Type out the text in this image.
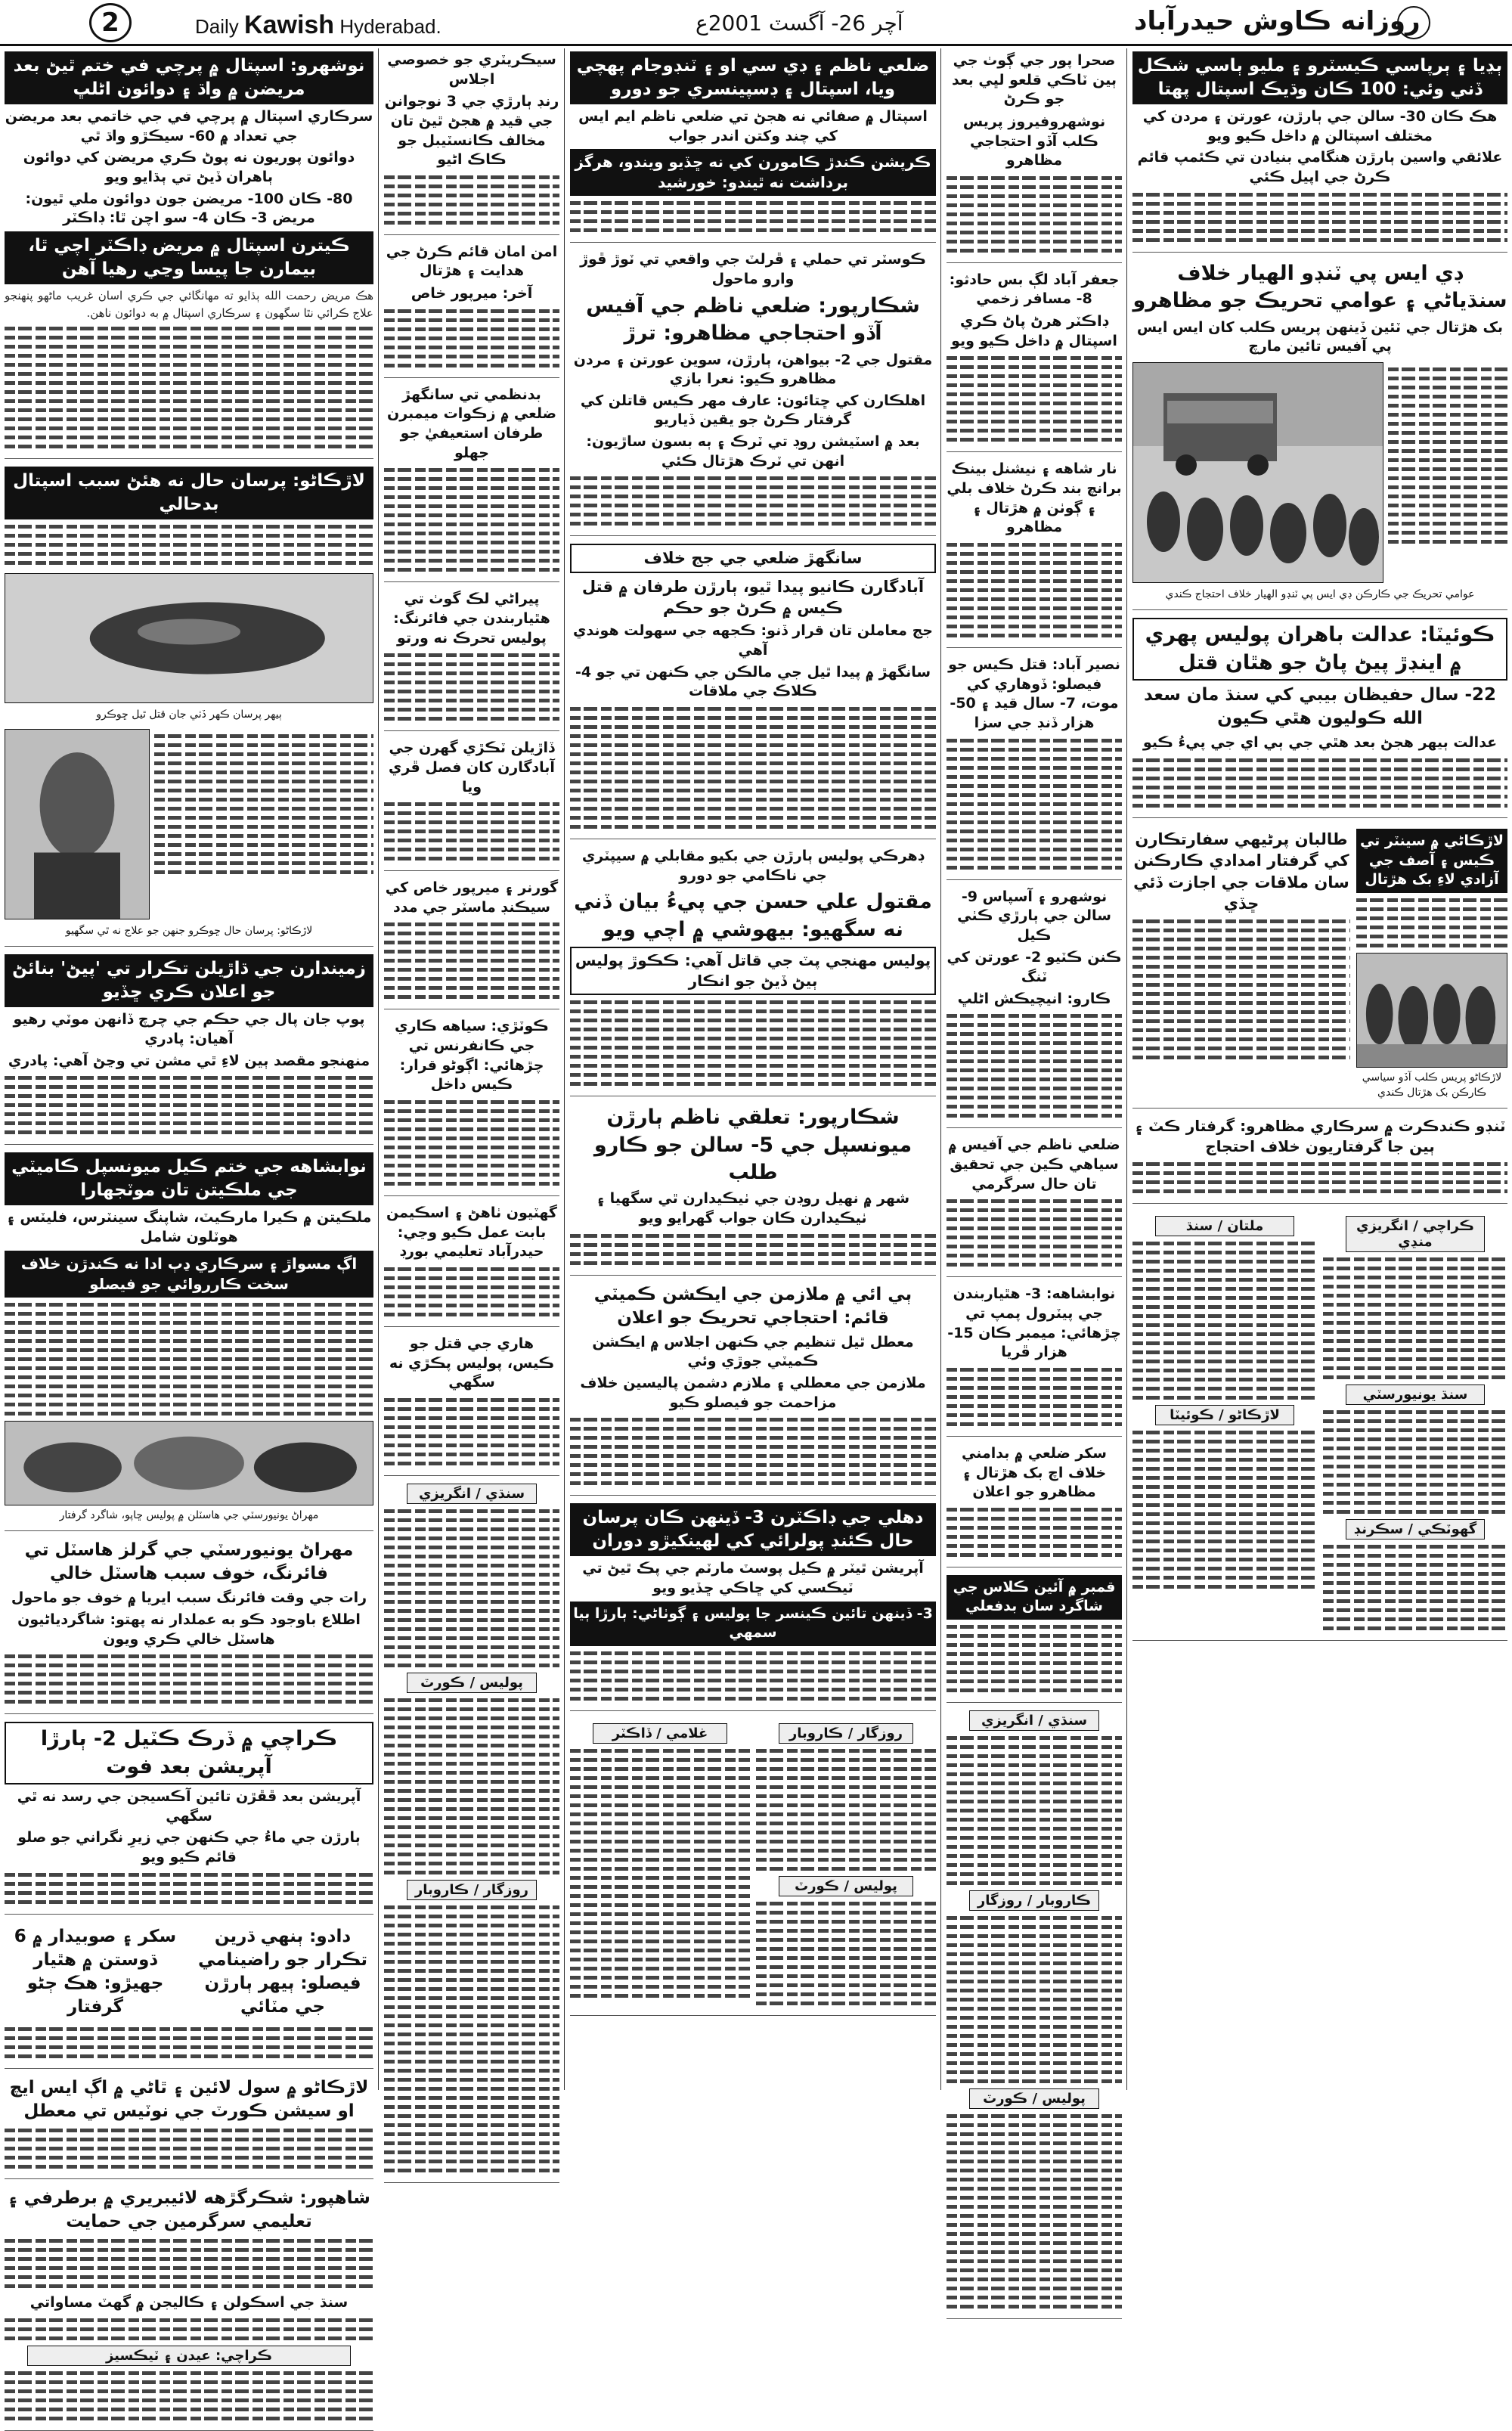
2	Daily Kawish Hyderabad.	آچر 26- آگسٽ 2001ع	روزانه ڪاوش حيدرآباد
نوشهرو: اسپتال ۾ پرچي في ختم ٿيڻ بعد مريضن ۾ واڌ ۽ دوائون اڻلڀ
سرڪاري اسپتال ۾ پرچي في جي خاتمي بعد مريضن جي تعداد ۾ 60- سيڪڙو واڌ ٿي
دوائون پوريون نه پوڻ ڪري مريضن کي دوائون ٻاهران ڏيڻ تي ٻڌايو ويو
80- ڪان 100- مريضن جون دوائون ملي ٿيون: مريض 3- ڪان 4- سو اچن ٿا: ڊاڪٽر
ڪيترن اسپتال ۾ مريض ڊاڪٽر اچي ٿا، بيمارن جا پيسا وڃي رهيا آهن
هڪ مريض رحمت الله ٻڌايو ته مهانگائي جي ڪري اسان غريب ماڻهو پنهنجو علاج ڪرائي نٿا سگهون ۽ سرڪاري اسپتال ۾ به دوائون ناهن.
لاڙڪاڻو: پرسان حال نه هئڻ سبب اسپتال بدحالي
ٻيهر پرسان ڪهر ڏٺي جان قتل ٿيل ڇوڪرو
لاڙڪاڻو: پرسان حال ڇوڪرو جنهن جو علاج نه ٿي سگهيو
زميندارن جي ڌاڙيلن تڪرار تي 'پيڻ' بنائڻ جو اعلان ڪري ڇڏيو
پوپ جان پال جي حڪم جي چرچ ڏانهن موٽي رهيو آهيان: پادري
منهنجو مقصد ٻين لاءِ ٿي مشن تي وڃڻ آهي: پادري
نوابشاهه جي ختم ڪيل ميونسپل ڪاميٽي جي ملڪيتن تان موٽجهارا
ملڪيتن ۾ ڪيرا مارڪيٽ، شاپنگ سينٽرس، فليٽس ۽ هوٽلون شامل
اڳ مسواڙ ۽ سرڪاري ڍٻ ادا نه ڪندڙن خلاف سخت ڪارروائي جو فيصلو
مهراڻ يونيورسٽي جي هاسٽلن ۾ پوليس ڇاپو، شاگرد گرفتار
مهراڻ يونيورسٽي جي گرلز هاسٽل تي فائرنگ، خوف سبب هاسٽل خالي
رات جي وقت فائرنگ سبب ايريا ۾ خوف جو ماحول
اطلاع باوجود ڪو به عملدار نه پهتو: شاگردياڻيون هاسٽل خالي ڪري ويون
ڪراچي ۾ ڏرڪ ڪٽيل 2- ٻارڙا آپريشن بعد فوت
آپريشن بعد ڦڦڙن تائين آڪسيجن جي رسد نه ٿي سگهي
ٻارڙن جي ماءُ جي ڪنهن جي زيرِ نگراني جو صلو قائم ڪيو ويو
دادو: ٻنهي ڌرين تڪرار جو راضينامي فيصلو: ٻيهر ٻارڙن جي مٽائي
سکر ۽ صوبيدار ۾ 6 ڌوستن ۾ هٿيار جهيڙو: هڪ ڄڻو گرفتار
لاڙڪاڻو ۾ سول لائين ۽ ٿاڻي ۾ اڳ ايس ايچ او سيشن ڪورٽ جي نوٽيس تي معطل
شاهپور: شڪرگڙهه لائيبريري ۾ برطرفي ۽ تعليمي سرگرمين جي حمايت
سنڌ جي اسڪولن ۽ ڪاليجن ۾ گهٽ مساواتي
ڪراچي: عيدن ۽ ٽيڪسيز
سيڪريٽري جو خصوصي اجلاس
رنڊ ٻارڙي جي 3 نوجوانن جي قيد ۾ هجڻ ٿيڻ تان مخالف ڪانسٽيبل جو ڪاڪ اڻيو
امن امان قائم ڪرڻ جي هدايت ۽ هڙتال
آخر: ميرپور خاص
بدنظمي تي سانگهڙ ضلعي ۾ زڪوات ميمبرن طرفان استعيفيٰ جو جهلو
پيراڻي لڪ گوٺ تي هٿياربندن جي فائرنگ: پوليس تحرڪ نه ورتو
ڏاڙيلن ٽڪڙي گهرن جي آبادگارن کان فصل ڦري ويا
گورنر ۽ ميرپور خاص کي سيڪنڊ ماسٽر جي مدد
ڪوٽڙي: سياهه ڪاري جي ڪانفرنس تي چڙهائي: اڳوڻو قرار: ڪيس داخل
گهٽيون ٺاهڻ ۽ اسڪيمن بابت عمل ڪيو وڃي: حيدرآباد تعليمي بورڊ
هاري جي قتل جو ڪيس، پوليس پڪڙي نه سگهي
سنڌي / انگريزي
پوليس / ڪورٽ
روزگار / ڪاروبار
ضلعي ناظم ۽ ڊي سي او ۽ ٽنڊوجام پهچي ويا، اسپتال ۽ ڊسپينسري جو دورو
اسپتال ۾ صفائي نه هجڻ تي ضلعي ناظم ايم ايس کي چند وکتن اندر جواب
ڪرپشن ڪندڙ ڪامورن کي نه ڇڏيو ويندو، هرگز برداشت نه ٿيندو: خورشيد
ڪوسٽر تي حملي ۽ ڦرلٽ جي واقعي تي ٽوڙ ڦوڙ وارو ماحول
شڪارپور: ضلعي ناظم جي آفيس آڏو احتجاجي مظاهرو: ترڙ
مقتول جي 2- بيواهن، ٻارڙن، سوين عورتن ۽ مردن مظاهرو ڪيو: نعرا بازي
اهلڪارن کي ڇتائون: عارف مهر ڪيس قاتلن کي گرفتار ڪرڻ جو يقين ڏياريو
بعد ۾ اسٽيشن روڊ تي ٽرڪ ۽ ٻه بسون ساڙيون: انهن تي ٽرڪ هڙتال ڪئي
سانگهڙ ضلعي جي جج خلاف
آبادگارن ڪانيو پيدا ٿيو، ٻارڙن طرفان ۾ قتل ڪيس ۾ ڪرڻ جو حڪم
جج معاملن تان قرار ڏنو: ڪجهه جي سهولت هوندي آهي
سانگهڙ ۾ پيدا ٿيل جي مالڪن جي ڪنهن تي جو 4- ڪلاڪ جي ملاقات
ڊهرڪي پوليس ٻارڙن جي بکيو مقابلي ۾ سيپٽري جي ناڪامي جو دورو
مقتول علي حسن جي پيءُ بيان ڏني نه سگهيو: بيهوشي ۾ اچي ويو
پوليس مهنجي پٽ جي قاتل آهي: ڪڪوڙ پوليس ٻيڻ ڏيڻ جو انڪار
شڪارپور: تعلقي ناظم ٻارڙن ميونسپل جي 5- سالن جو ڪارو طلب
شهر ۾ نهيل روڊن جي ٺيڪيدارن ٿي سگهيا ۽ ٺيڪيدارن ڪان جواب گهرايو ويو
ٻي ائي ۾ ملازمن جي ايڪشن ڪميٽي قائم: احتجاجي تحريڪ جو اعلان
معطل ٿيل تنظيم جي ڪنهن اجلاس ۾ ايڪشن ڪميٽي جوڙي وئي
ملازمن جي معطلي ۽ ملازم دشمن پاليسين خلاف مزاحمت جو فيصلو ڪيو
دهلي جي ڊاڪٽرن 3- ڏينهن ڪان پرسان حال ڪئنڊ پولرائي کي لهينکيڙو دوران
آپريشن ٿيٽر ۾ ڪيل پوسٽ مارٽم جي پڪ ٿيڻ تي ٽيڪسي کي ڇاڪي ڇڏيو ويو
3- ڏينهن تائين ڪينسر جا پوليس ۽ ڳوٺاڻي: ٻارڙا ٻيا سمهي
غلامي / ڏاڪٽر	روزگار / ڪاروبار
پوليس / ڪورٽ
صحرا پور جي ڳوٺ جي ٻين ٽاڪي قلعو لڀي بعد جو ڪرڻ
نوشهروفيروز پريس ڪلب آڏو احتجاجي مظاهرو
جعفر آباد لڳ بس حادثو: 8- مسافر زخمي
ڊاڪٽر هرڻ پاڻ ڪري اسپتال ۾ داخل ڪيو ويو
نار شاهه ۽ نيشنل بينڪ برانچ بند ڪرڻ خلاف بلي ۽ ڳوٺن ۾ هڙتال ۽ مظاهرو
نصير آباد: قتل ڪيس جو فيصلو: ڏوهاري کي موت، 7- سال قيد ۽ 50- هزار ڏنڊ جي سزا
نوشهرو ۽ آسپاس 9- سالن جي ٻارڙي ڪٺي ڪيل
ڪنن ڪٽيو 2- عورتن کي ٽنگ
ڪارو: انيچيڪش اڻلڀ
ضلعي ناظم جي آفيس ۾ سياهي ڪين جي تحقيق تان حال سرگرمي
نوابشاهه: 3- هٿياربندن جي پيٽرول پمپ تي چڙهائي: ميمبر ڪان 15- هزار ڦريا
سکر ضلعي ۾ بدامني خلاف اچ بک هڙتال ۽ مظاهرو جو اعلان
قمبر ۾ آئين ڪلاس جي شاگرد سان بدفعلي
سنڌي / انگريزي
ڪاروبار / روزگار
پوليس / ڪورٽ
ٻڍيا ۽ ٻرپاسي ڪيسٽرو ۽ مليو ٻاسي شڪل ڏني وئي: 100 ڪان وڌيڪ اسپتال پهتا
هڪ ڪان 30- سالن جي ٻارڙن، عورتن ۽ مردن کي مختلف اسپتالن ۾ داخل ڪيو ويو
علائقي واسين ٻارڙن هنگامي بنيادن تي ڪئمپ قائم ڪرڻ جي اپيل ڪئي
ڊي ايس پي ٽنڊو الهيار خلاف سنڌياڻي ۽ عوامي تحريڪ جو مظاهرو
بک هڙتال جي ٽئين ڏينهن پريس ڪلب کان ايس ايس پي آفيس تائين مارچ
عوامي تحريڪ جي ڪارڪن ڊي ايس پي ٽنڊو الهيار خلاف احتجاج ڪندي
ڪوئيٽا: عدالت باهران پوليس پهري ۾ اينڊڙ پيڻ پاڻ جو هٿان قتل
22- سال حفيظان بيبي کي سنڌ مان سعد الله ڪوليون هٿي ڪيون
عدالت ٻيهر هجڻ بعد هٿي جي ٻي اي جي پيءُ ڪيو
طالبان پرڻيهي سفارتڪارن کي گرفتار امدادي ڪارڪنن سان ملاقات جي اجازت ڏئي ڇڏي
لاڙڪاڻي ۾ سينٽر تي ڪيس ۽ آصف جي آزادي لاءِ بک هڙتال
لاڙڪاڻو پريس ڪلب آڏو سياسي ڪارڪن بک هڙتال ڪندي
ٽنڊو ڪندڪرت ۾ سرڪاري مظاهرو: گرفتار ڪٽ ۽ ٻين جا گرفتاريون خلاف احتجاج
ملتان / سنڌ
لاڙڪاڻو / ڪوئيٽا
ڪراچي / انگريزي منڍي
سنڌ يونيورسٽي
گهوٽڪي / سڪرنڊ
